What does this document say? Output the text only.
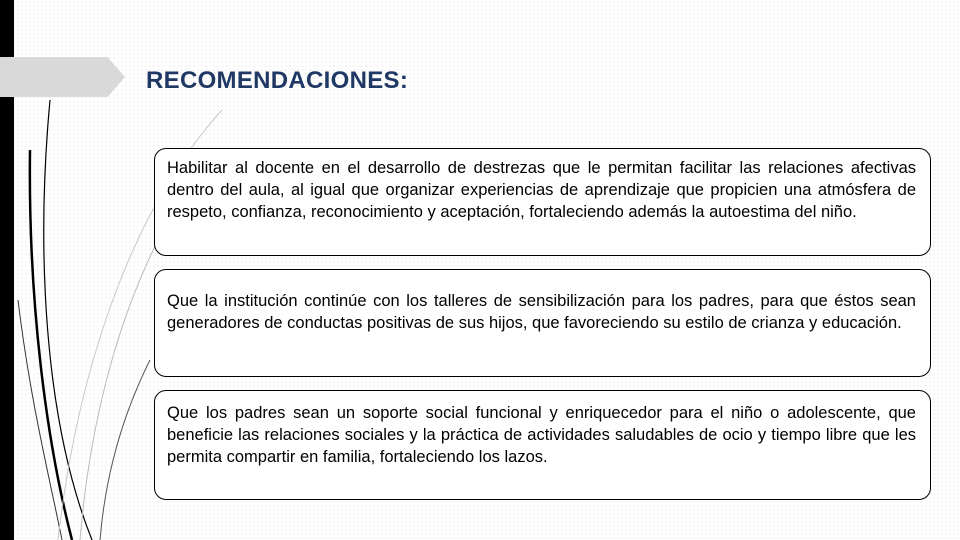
RECOMENDACIONES:
Habilitar al docente en el desarrollo de destrezas que le permitan facilitar las relaciones afectivas dentro del aula, al igual que organizar experiencias de aprendizaje que propicien una atmósfera de respeto, confianza, reconocimiento y aceptación, fortaleciendo además la autoestima del niño.
Que la institución continúe con los talleres de sensibilización para los padres, para que éstos sean generadores de conductas positivas de sus hijos, que favoreciendo su estilo de crianza y educación.
Que los padres sean un soporte social funcional y enriquecedor para el niño o adolescente, que beneficie las relaciones sociales y la práctica de actividades saludables de ocio y tiempo libre que les permita compartir en familia, fortaleciendo los lazos.
